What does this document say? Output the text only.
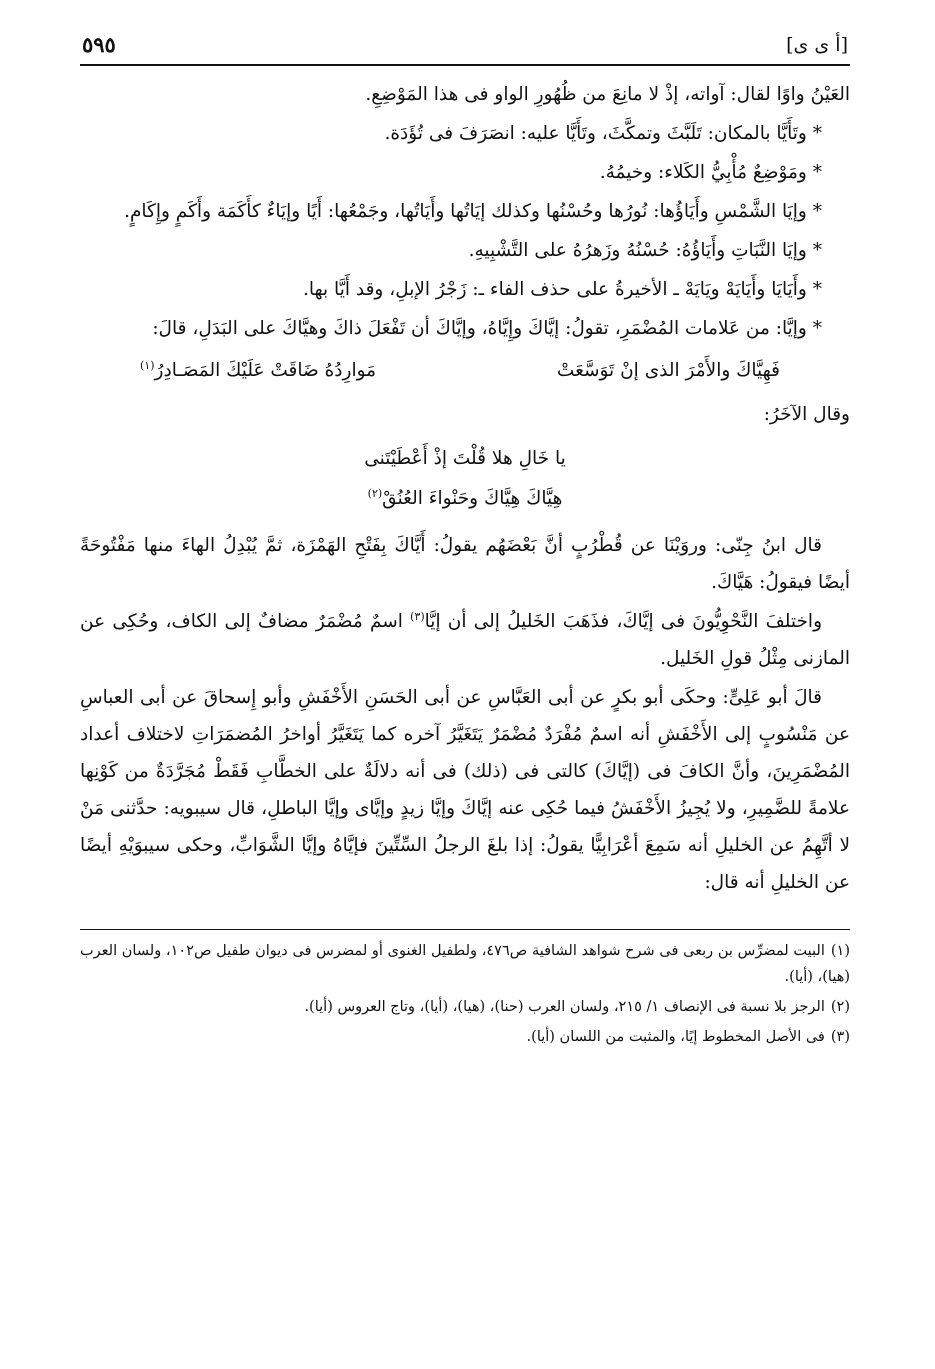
[أ ى ى]
٥٩٥

العَيْنُ واوًا لقال: آواته، إذْ لا مانِعَ من ظُهُورِ الواو فى هذا المَوْضِعِ.

* وتَأَيَّا بالمكان: تَلَبَّثَ وتمكَّثَ، وتَأَيَّا عليه: انصَرَفَ فى تُؤَدَة.

* ومَوْضِعٌ مُأْبِيُّ الكَلاء: وخيمُهُ.

* وإيَا الشَّمْسِ وأَيَاؤُها: نُورُها وحُسْنُها وكذلك إيَاتُها وأَيَاتُها، وجَمْعُها: أَيًا وإيَاءٌ كأَكَمَة وأَكَمٍ وإِكَامٍ.

* وإيَا النَّبَاتِ وأَيَاؤُهُ: حُسْنُهُ وزَهرُهُ على التَّشْبِيهِ.

* وأَيَايَا وأَيَايَهْ ويَايَهْ ـ الأخيرةُ على حذف الفاء ـ: زَجْرُ الإبلِ، وقد أَيَّا بها.

* وإيَّا: من عَلامات المُضْمَرِ، تقولُ: إيَّاكَ وإِيَّاهُ، وإيَّاكَ أن تَفْعَلَ ذاكَ وهيَّاكَ على البَدَلِ، قالَ:

فَهِيَّاكَ والأَمْرَ الذى إنْ تَوَسَّعَتْ
مَوارِدُهُ ضَاقَتْ عَلَيْكَ المَصَـادِرُ$^{(١)}$

وقال الآخَرُ:

يا خَالِ هلا قُلْتَ إذْ أَعْطَيْتَنى

هِيَّاكَ هِيَّاكَ وحَنْواءَ العُنُقْ$^{(٢)}$

قال ابنُ جِنّى: وروَيْنَا عن قُطْرُبٍ أنَّ بَعْضَهُم يقولُ: أَيَّاكَ بِفَتْحِ الهَمْزَة، ثمَّ يُبْدِلُ الهاءَ منها مَفْتُوحَةً أيضًا فيقولُ: هَيَّاكَ.

واختلفَ النَّحْوِيُّونَ فى إيَّاكَ، فذَهَبَ الخَليلُ إلى أن إيَّا$^{(٣)}$ اسمٌ مُضْمَرٌ مضافٌ إلى الكاف، وحُكِى عن المازنى مِثْلُ قولِ الخَليل.

قالَ أبو عَلِىٍّ: وحكَى أبو بكرٍ عن أبى العَبَّاسِ عن أبى الحَسَنِ الأَخْفَشِ وأبو إِسحاقَ عن أبى العباسِ عن مَنْسُوبٍ إلى الأَخْفَشِ أنه اسمٌ مُفْرَدٌ مُضْمَرٌ يَتَغَيَّرُ آخره كما يَتَغَيَّرُ أواخرُ المُضمَرَاتِ لاختلاف أعداد المُضْمَرِينَ، وأنَّ الكافَ فى (إيَّاكَ) كالتى فى (ذلك) فى أنه دلالَةٌ على الخطَّابِ فَقَطْ مُجَرَّدَةٌ من كَوْنِها علامةً للضَّمِيرِ، ولا يُجِيزُ الأَخْفَشُ فيما حُكِى عنه إيَّاكَ وإيَّا زيدٍ وإيَّاى وإيَّا الباطلِ، قال سيبويه: حدَّثنى مَنْ لا أتَّهِمُ عن الخليلِ أنه سَمِعَ أعْرَابِيًّا يقولُ: إذا بلغَ الرجلُ السِّتِّينَ فإيَّاهُ وإيَّا الشَّوَابِّ، وحكى سيبوَيْهِ أيضًا عن الخليلِ أنه قال:

(١)البيت لمضرِّس بن ربعى فى شرح شواهد الشافية ص٤٧٦، ولطفيل الغنوى أو لمضرس فى ديوان طفيل ص١٠٢، ولسان العرب (هيا)، (أيا).

(٢)الرجز بلا نسبة فى الإنصاف ١/ ٢١٥، ولسان العرب (حنا)، (هيا)، (أيا)، وتاج العروس (أيا).

(٣)فى الأصل المخطوط إيًا، والمثبت من اللسان (أيا).
